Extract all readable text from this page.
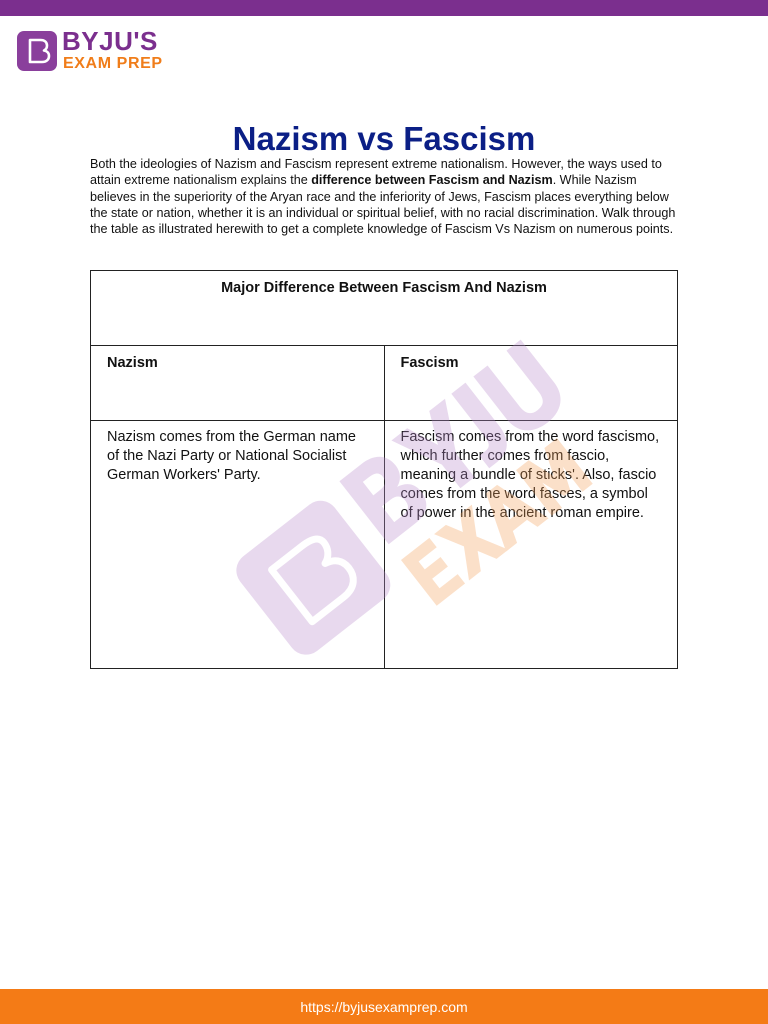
BYJU'S
EXAM PREP
Nazism vs Fascism

Both the ideologies of Nazism and Fascism represent extreme nationalism. However, the ways used to attain extreme nationalism explains the difference between Fascism and Nazism. While Nazism believes in the superiority of the Aryan race and the inferiority of Jews, Fascism places everything below the state or nation, whether it is an individual or spiritual belief, with no racial discrimination. Walk through the table as illustrated herewith to get a complete knowledge of Fascism Vs Nazism on numerous points.

Major Difference Between Fascism And Nazism	
Nazism	Fascism
Nazism comes from the German name of the Nazi Party or National Socialist German Workers' Party.	Fascism comes from the word fascismo, which further comes from fascio, meaning a bundle of sticks'. Also, fascio comes from the word fasces, a symbol of power in the ancient roman empire.
https://byjusexamprep.com
